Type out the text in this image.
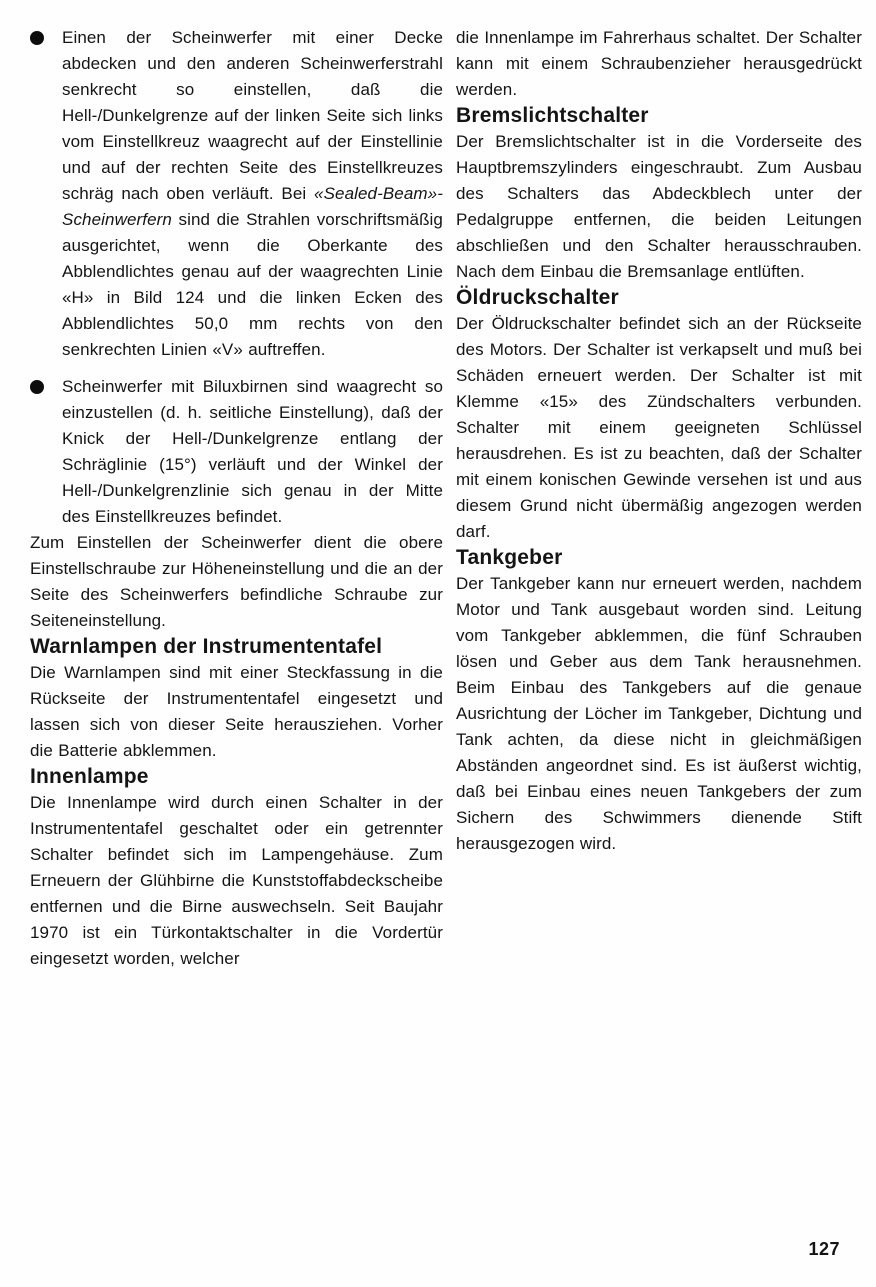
Einen der Scheinwerfer mit einer Decke abdecken und den anderen Scheinwerferstrahl senkrecht so einstellen, daß die Hell-/Dunkelgrenze auf der linken Seite sich links vom Einstellkreuz waagrecht auf der Einstellinie und auf der rechten Seite des Einstellkreuzes schräg nach oben verläuft. Bei «Sealed-Beam»-Scheinwerfern sind die Strahlen vorschriftsmäßig ausgerichtet, wenn die Oberkante des Abblendlichtes genau auf der waagrechten Linie «H» in Bild 124 und die linken Ecken des Abblendlichtes 50,0 mm rechts von den senkrechten Linien «V» auftreffen.

Scheinwerfer mit Biluxbirnen sind waagrecht so einzustellen (d. h. seitliche Einstellung), daß der Knick der Hell-/Dunkelgrenze entlang der Schräglinie (15°) verläuft und der Winkel der Hell-/Dunkelgrenzlinie sich genau in der Mitte des Einstellkreuzes befindet.

Zum Einstellen der Scheinwerfer dient die obere Einstellschraube zur Höheneinstellung und die an der Seite des Scheinwerfers befindliche Schraube zur Seiteneinstellung.

Warnlampen der Instrumententafel

Die Warnlampen sind mit einer Steckfassung in die Rückseite der Instrumententafel eingesetzt und lassen sich von dieser Seite herausziehen. Vorher die Batterie abklemmen.

Innenlampe

Die Innenlampe wird durch einen Schalter in der Instrumententafel geschaltet oder ein getrennter Schalter befindet sich im Lampengehäuse. Zum Erneuern der Glühbirne die Kunststoffabdeckscheibe entfernen und die Birne auswechseln. Seit Baujahr 1970 ist ein Türkontaktschalter in die Vordertür eingesetzt worden, welcher

die Innenlampe im Fahrerhaus schaltet. Der Schalter kann mit einem Schraubenzieher herausgedrückt werden.

Bremslichtschalter

Der Bremslichtschalter ist in die Vorderseite des Hauptbremszylinders eingeschraubt. Zum Ausbau des Schalters das Abdeckblech unter der Pedalgruppe entfernen, die beiden Leitungen abschließen und den Schalter herausschrauben. Nach dem Einbau die Bremsanlage entlüften.

Öldruckschalter

Der Öldruckschalter befindet sich an der Rückseite des Motors. Der Schalter ist verkapselt und muß bei Schäden erneuert werden. Der Schalter ist mit Klemme «15» des Zündschalters verbunden. Schalter mit einem geeigneten Schlüssel herausdrehen. Es ist zu beachten, daß der Schalter mit einem konischen Gewinde versehen ist und aus diesem Grund nicht übermäßig angezogen werden darf.

Tankgeber

Der Tankgeber kann nur erneuert werden, nachdem Motor und Tank ausgebaut worden sind. Leitung vom Tankgeber abklemmen, die fünf Schrauben lösen und Geber aus dem Tank herausnehmen. Beim Einbau des Tankgebers auf die genaue Ausrichtung der Löcher im Tankgeber, Dichtung und Tank achten, da diese nicht in gleichmäßigen Abständen angeordnet sind. Es ist äußerst wichtig, daß bei Einbau eines neuen Tankgebers der zum Sichern des Schwimmers dienende Stift herausgezogen wird.

127
